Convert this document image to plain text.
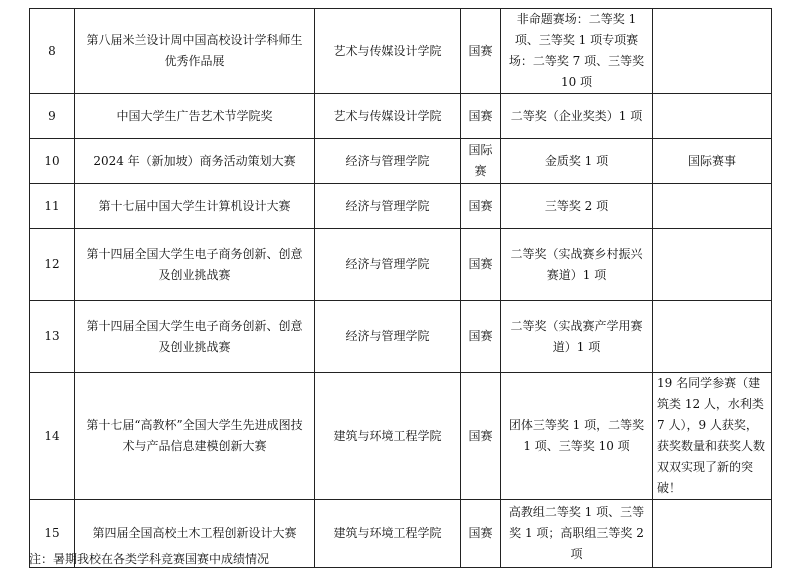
8	第八届米兰设计周中国高校设计学科师生优秀作品展	艺术与传媒设计学院	国赛	非命题赛场：二等奖 1 项、三等奖 1 项专项赛场：二等奖 7 项、三等奖 10 项	
9	中国大学生广告艺术节学院奖	艺术与传媒设计学院	国赛	二等奖（企业奖类）1 项	
10	2024 年（新加坡）商务活动策划大赛	经济与管理学院	国际赛	金质奖 1 项	国际赛事
11	第十七届中国大学生计算机设计大赛	经济与管理学院	国赛	三等奖 2 项	
12	第十四届全国大学生电子商务创新、创意及创业挑战赛	经济与管理学院	国赛	二等奖（实战赛乡村振兴赛道）1 项	
13	第十四届全国大学生电子商务创新、创意及创业挑战赛	经济与管理学院	国赛	二等奖（实战赛产学用赛道）1 项	
14	第十七届“高教杯”全国大学生先进成图技术与产品信息建模创新大赛	建筑与环境工程学院	国赛	团体三等奖 1 项，二等奖 1 项、三等奖 10 项	19 名同学参赛（建筑类 12 人，水利类 7 人），9 人获奖，获奖数量和获奖人数双双实现了新的突破！
15	第四届全国高校土木工程创新设计大赛	建筑与环境工程学院	国赛	高教组二等奖 1 项、三等奖 1 项；高职组三等奖 2 项	
注：暑期我校在各类学科竞赛国赛中成绩情况
